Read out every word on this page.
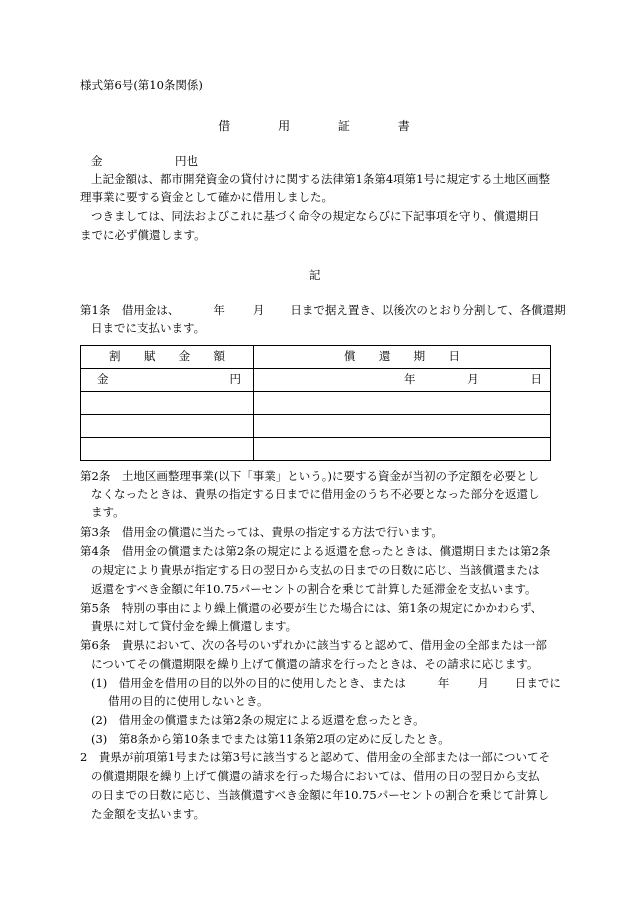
様式第6号(第10条関係)
借	用	証	書
金	円也
上記金額は、都市開発資金の貸付けに関する法律第1条第4項第1号に規定する土地区画整
理事業に要する資金として確かに借用しました。
つきましては、同法およびこれに基づく命令の規定ならびに下記事項を守り、償還期日
までに必ず償還します。
記
第1条　借用金は、	年 月 日まで据え置き、以後次のとおり分割して、各償還期
日までに支払います。
割 賦 金 額	償 還 期 日

金 円	年 月 日

第2条　土地区画整理事業(以下「事業」という。)に要する資金が当初の予定額を必要とし
なくなったときは、貴県の指定する日までに借用金のうち不必要となった部分を返還し
ます。
第3条　借用金の償還に当たっては、貴県の指定する方法で行います。
第4条　借用金の償還または第2条の規定による返還を怠ったときは、償還期日または第2条
の規定により貴県が指定する日の翌日から支払の日までの日数に応じ、当該償還または
返還をすべき金額に年10.75パーセントの割合を乗じて計算した延滞金を支払います。
第5条　特別の事由により繰上償還の必要が生じた場合には、第1条の規定にかかわらず、
貴県に対して貸付金を繰上償還します。
第6条　貴県において、次の各号のいずれかに該当すると認めて、借用金の全部または一部
についてその償還期限を繰り上げて償還の請求を行ったときは、その請求に応じます。
(1)　借用金を借用の目的以外の目的に使用したとき、または	年 月 日までに
借用の目的に使用しないとき。
(2)　借用金の償還または第2条の規定による返還を怠ったとき。
(3)　第8条から第10条までまたは第11条第2項の定めに反したとき。
2　貴県が前項第1号または第3号に該当すると認めて、借用金の全部または一部についてそ
の償還期限を繰り上げて償還の請求を行った場合においては、借用の日の翌日から支払
の日までの日数に応じ、当該償還すべき金額に年10.75パーセントの割合を乗じて計算し
た金額を支払います。
